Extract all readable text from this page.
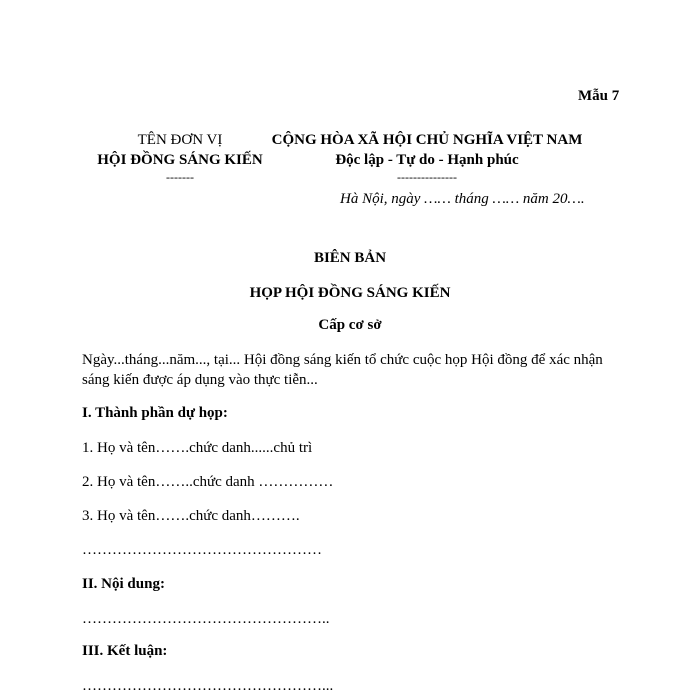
Mẫu 7
TÊN ĐƠN VỊ
HỘI ĐỒNG SÁNG KIẾN
-------
CỘNG HÒA XÃ HỘI CHỦ NGHĨA VIỆT NAM
Độc lập - Tự do - Hạnh phúc
---------------
Hà Nội, ngày …… tháng …… năm 20….
BIÊN BẢN
HỌP HỘI ĐỒNG SÁNG KIẾN
Cấp cơ sở
Ngày...tháng...năm..., tại... Hội đồng sáng kiến tổ chức cuộc họp Hội đồng để xác nhận sáng kiến được áp dụng vào thực tiễn...
I. Thành phần dự họp:
1. Họ và tên…….chức danh......chủ trì
2. Họ và tên……..chức danh ……………
3. Họ và tên…….chức danh……….
…………………………………………
II. Nội dung:
…………………………………………..
III. Kết luận:
…………………………………………...
